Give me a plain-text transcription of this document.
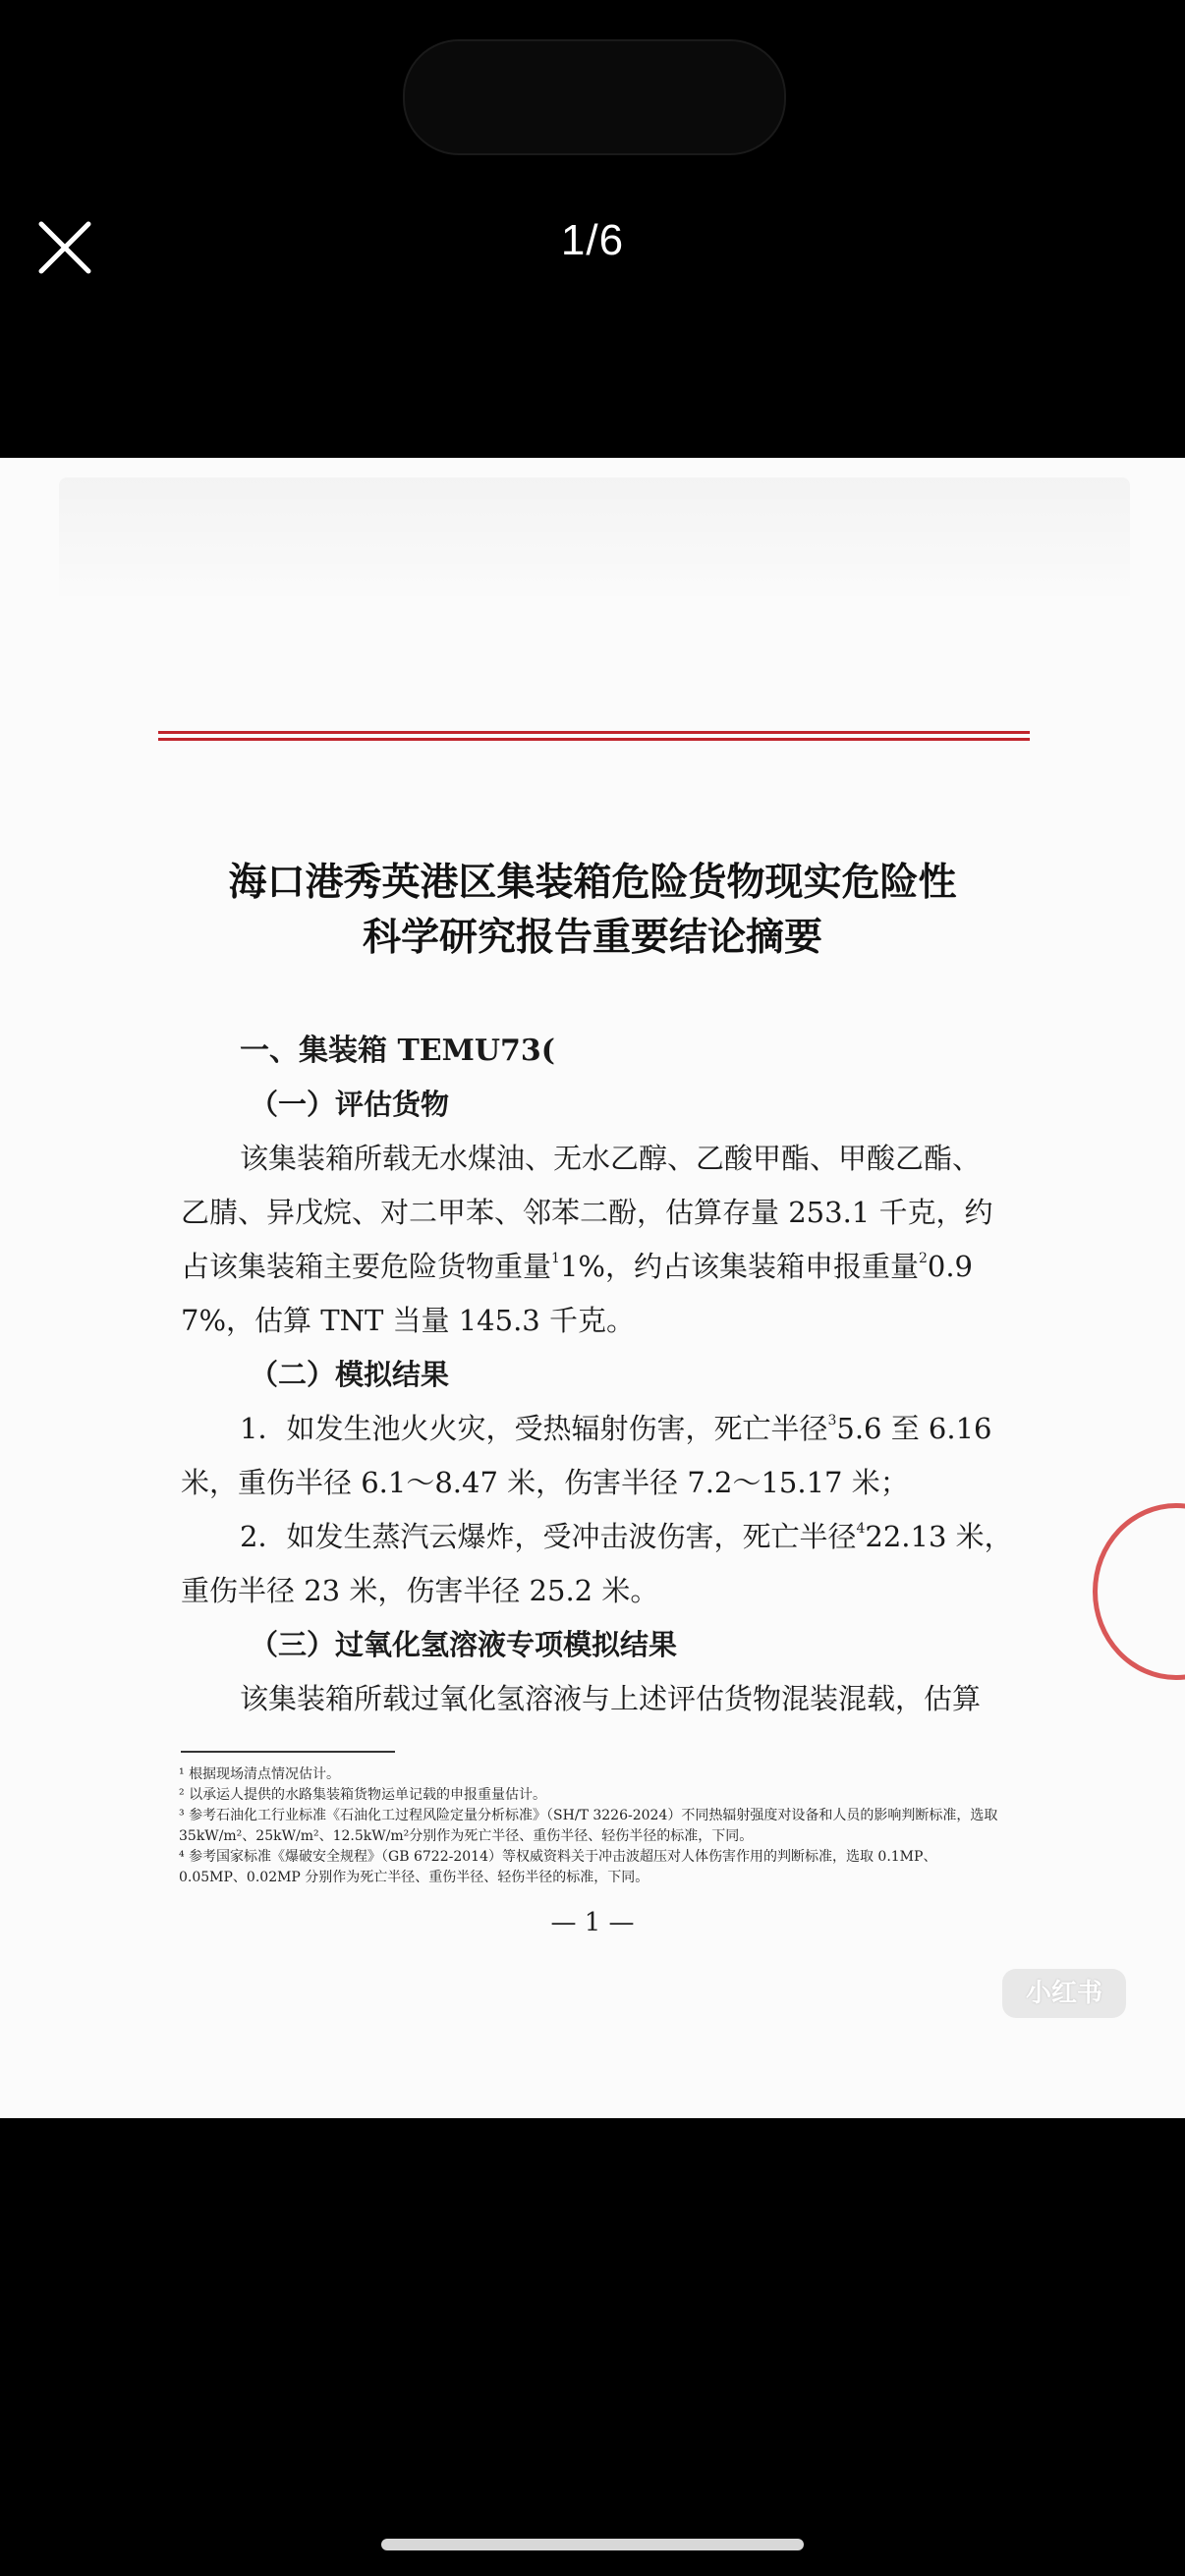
1/6
海口港秀英港区集装箱危险货物现实危险性
科学研究报告重要结论摘要
一、集装箱 TEMU73(
（一）评估货物
该集装箱所载无水煤油、无水乙醇、乙酸甲酯、甲酸乙酯、
乙腈、异戊烷、对二甲苯、邻苯二酚，估算存量 253.1 千克，约
占该集装箱主要危险货物重量$^1$1%，约占该集装箱申报重量$^2$0.9
7%，估算 TNT 当量 145.3 千克。
（二）模拟结果
1．如发生池火火灾，受热辐射伤害，死亡半径$^3$5.6 至 6.16
米，重伤半径 6.1～8.47 米，伤害半径 7.2～15.17 米；
2．如发生蒸汽云爆炸，受冲击波伤害，死亡半径$^4$22.13 米，
重伤半径 23 米，伤害半径 25.2 米。
（三）过氧化氢溶液专项模拟结果
该集装箱所载过氧化氢溶液与上述评估货物混装混载，估算
¹ 根据现场清点情况估计。
² 以承运人提供的水路集装箱货物运单记载的申报重量估计。
³ 参考石油化工行业标准《石油化工过程风险定量分析标准》（SH/T 3226-2024）不同热辐射强度对设备和人员的影响判断标准，选取 35kW/m²、25kW/m²、12.5kW/m²分别作为死亡半径、重伤半径、轻伤半径的标准，下同。
⁴ 参考国家标准《爆破安全规程》（GB 6722-2014）等权威资料关于冲击波超压对人体伤害作用的判断标准，选取 0.1MP、0.05MP、0.02MP 分别作为死亡半径、重伤半径、轻伤半径的标准，下同。
— 1 —
小红书
